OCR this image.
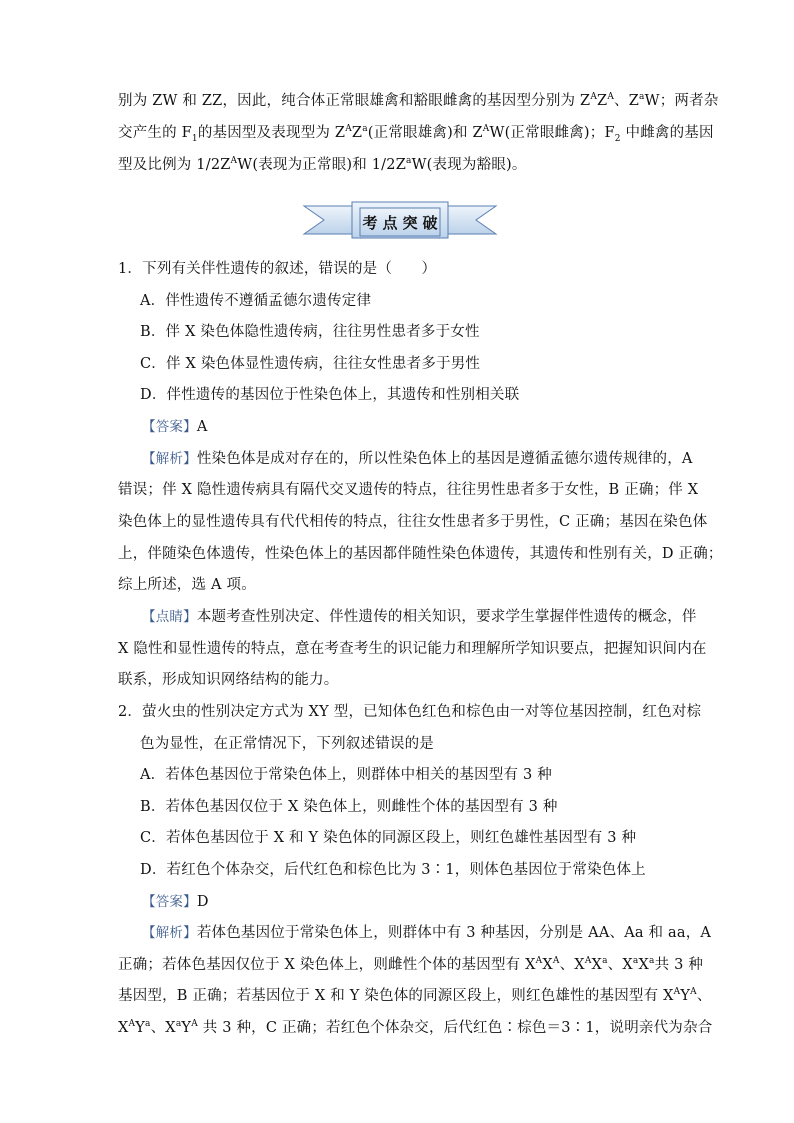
别为 ZW 和 ZZ，因此，纯合体正常眼雄禽和豁眼雌禽的基因型分别为 $Z^AZ^A$、$Z^aW$；两者杂
交产生的 $F_1$的基因型及表现型为 $Z^AZ^a$(正常眼雄禽)和 $Z^AW$(正常眼雌禽)；$F_2$ 中雌禽的基因
型及比例为 $1/2Z^AW$(表现为正常眼)和 $1/2Z^aW$(表现为豁眼)。
考 点 突 破
1．下列有关伴性遗传的叙述，错误的是（　　）
A．伴性遗传不遵循孟德尔遗传定律
B．伴 X 染色体隐性遗传病，往往男性患者多于女性
C．伴 X 染色体显性遗传病，往往女性患者多于男性
D．伴性遗传的基因位于性染色体上，其遗传和性别相关联
【答案】A
【解析】性染色体是成对存在的，所以性染色体上的基因是遵循孟德尔遗传规律的，A
错误；伴 X 隐性遗传病具有隔代交叉遗传的特点，往往男性患者多于女性，B 正确；伴 X
染色体上的显性遗传具有代代相传的特点，往往女性患者多于男性，C 正确；基因在染色体
上，伴随染色体遗传，性染色体上的基因都伴随性染色体遗传，其遗传和性别有关，D 正确；
综上所述，选 A 项。
【点睛】本题考查性别决定、伴性遗传的相关知识，要求学生掌握伴性遗传的概念，伴
X 隐性和显性遗传的特点，意在考查考生的识记能力和理解所学知识要点，把握知识间内在
联系，形成知识网络结构的能力。
2．萤火虫的性别决定方式为 XY 型，已知体色红色和棕色由一对等位基因控制，红色对棕
色为显性，在正常情况下，下列叙述错误的是
A．若体色基因位于常染色体上，则群体中相关的基因型有 3 种
B．若体色基因仅位于 X 染色体上，则雌性个体的基因型有 3 种
C．若体色基因位于 X 和 Y 染色体的同源区段上，则红色雄性基因型有 3 种
D．若红色个体杂交，后代红色和棕色比为 3∶1，则体色基因位于常染色体上
【答案】D
【解析】若体色基因位于常染色体上，则群体中有 3 种基因，分别是 AA、Aa 和 aa，A
正确；若体色基因仅位于 X 染色体上，则雌性个体的基因型有 $X^AX^A$、$X^AX^a$、$X^aX^a$共 3 种
基因型，B 正确；若基因位于 X 和 Y 染色体的同源区段上，则红色雄性的基因型有 $X^AY^A$、
$X^AY^a$、$X^aY^A$ 共 3 种，C 正确；若红色个体杂交，后代红色∶棕色＝3∶1，说明亲代为杂合
